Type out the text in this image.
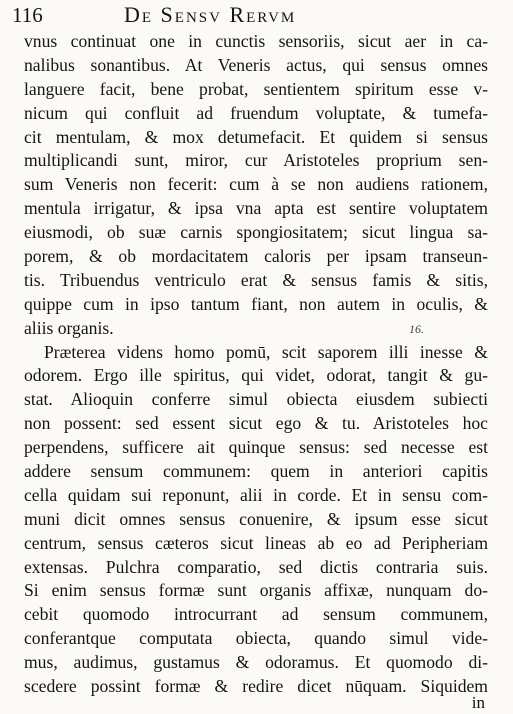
116	De Sensv Rervm
vnus continuat one in cunctis sensoriis, sicut aer in ca-
nalibus sonantibus. At Veneris actus, qui sensus omnes
languere facit, bene probat, sentientem spiritum esse v-
nicum qui confluit ad fruendum voluptate, & tumefa-
cit mentulam, & mox detumefacit. Et quidem si sensus
multiplicandi sunt, miror, cur Aristoteles proprium sen-
sum Veneris non fecerit: cum à se non audiens rationem,
mentula irrigatur, & ipsa vna apta est sentire voluptatem
eiusmodi, ob suæ carnis spongiositatem; sicut lingua sa-
porem, & ob mordacitatem caloris per ipsam transeun-
tis. Tribuendus ventriculo erat & sensus famis & sitis,
quippe cum in ipso tantum fiant, non autem in oculis, &
aliis organis.	16.
Præterea videns homo pomū, scit saporem illi inesse &
odorem. Ergo ille spiritus, qui videt, odorat, tangit & gu-
stat. Alioquin conferre simul obiecta eiusdem subiecti
non possent: sed essent sicut ego & tu. Aristoteles hoc
perpendens, sufficere ait quinque sensus: sed necesse est
addere sensum communem: quem in anteriori capitis
cella quidam sui reponunt, alii in corde. Et in sensu com-
muni dicit omnes sensus conuenire, & ipsum esse sicut
centrum, sensus cæteros sicut lineas ab eo ad Peripheriam
extensas. Pulchra comparatio, sed dictis contraria suis.
Si enim sensus formæ sunt organis affixæ, nunquam do-
cebit quomodo introcurrant ad sensum communem,
conferantque computata obiecta, quando simul vide-
mus, audimus, gustamus & odoramus. Et quomodo di-
scedere possint formæ & redire dicet nūquam. Siquidem
in
